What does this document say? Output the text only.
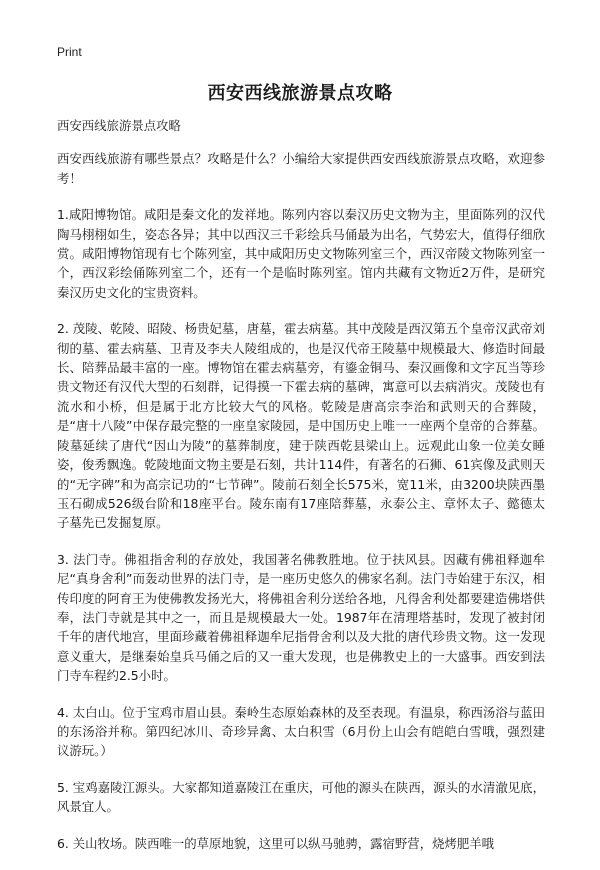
Print
西安西线旅游景点攻略

西安西线旅游景点攻略

西安西线旅游有哪些景点？攻略是什么？小编给大家提供西安西线旅游景点攻略，欢迎参考！

1.咸阳博物馆。咸阳是秦文化的发祥地。陈列内容以秦汉历史文物为主，里面陈列的汉代陶马栩栩如生，姿态各异；其中以西汉三千彩绘兵马俑最为出名，气势宏大，值得仔细欣赏。咸阳博物馆现有七个陈列室，其中咸阳历史文物陈列室三个，西汉帝陵文物陈列室一个，西汉彩绘俑陈列室二个，还有一个是临时陈列室。馆内共藏有文物近2万件，是研究秦汉历史文化的宝贵资料。

2. 茂陵、乾陵、昭陵、杨贵妃墓，唐墓，霍去病墓。其中茂陵是西汉第五个皇帝汉武帝刘彻的墓、霍去病墓、卫青及李夫人陵组成的，也是汉代帝王陵墓中规模最大、修造时间最长、陪葬品最丰富的一座。博物馆在霍去病墓旁，有鎏金铜马、秦汉画像和文字瓦当等珍贵文物还有汉代大型的石刻群，记得摸一下霍去病的墓碑，寓意可以去病消灾。茂陵也有流水和小桥，但是属于北方比较大气的风格。乾陵是唐高宗李治和武则天的合葬陵，是“唐十八陵”中保存最完整的一座皇家陵园，是中国历史上唯一一座两个皇帝的合葬墓。陵墓延续了唐代“因山为陵”的墓葬制度，建于陕西乾县梁山上。远观此山象一位美女睡姿，俊秀飘逸。乾陵地面文物主要是石刻，共计114件，有著名的石狮、61宾像及武则天的“无字碑”和为高宗记功的“七节碑”。陵前石刻全长575米，宽11米，由3200块陕西墨玉石砌成526级台阶和18座平台。陵东南有17座陪葬墓，永泰公主、章怀太子、懿德太子墓先已发掘复原。

3. 法门寺。佛祖指舍利的存放处，我国著名佛教胜地。位于扶风县。因藏有佛祖释迦牟尼“真身舍利”而轰动世界的法门寺，是一座历史悠久的佛家名刹。法门寺始建于东汉，相传印度的阿育王为使佛教发扬光大，将佛祖舍利分送给各地，凡得舍利处都要建造佛塔供奉，法门寺就是其中之一，而且是规模最大一处。1987年在清理塔基时，发现了被封闭千年的唐代地宫，里面珍藏着佛祖释迦牟尼指骨舍利以及大批的唐代珍贵文物。这一发现意义重大，是继秦始皇兵马俑之后的又一重大发现，也是佛教史上的一大盛事。西安到法门寺车程约2.5小时。

4. 太白山。位于宝鸡市眉山县。秦岭生态原始森林的及至表现。有温泉，称西汤浴与蓝田的东汤浴并称。第四纪冰川、奇珍异禽、太白积雪（6月份上山会有皑皑白雪哦，强烈建议游玩。）

5. 宝鸡嘉陵江源头。大家都知道嘉陵江在重庆，可他的源头在陕西，源头的水清澈见底，风景宜人。

6. 关山牧场。陕西唯一的草原地貌，这里可以纵马驰骋，露宿野营，烧烤肥羊哦
